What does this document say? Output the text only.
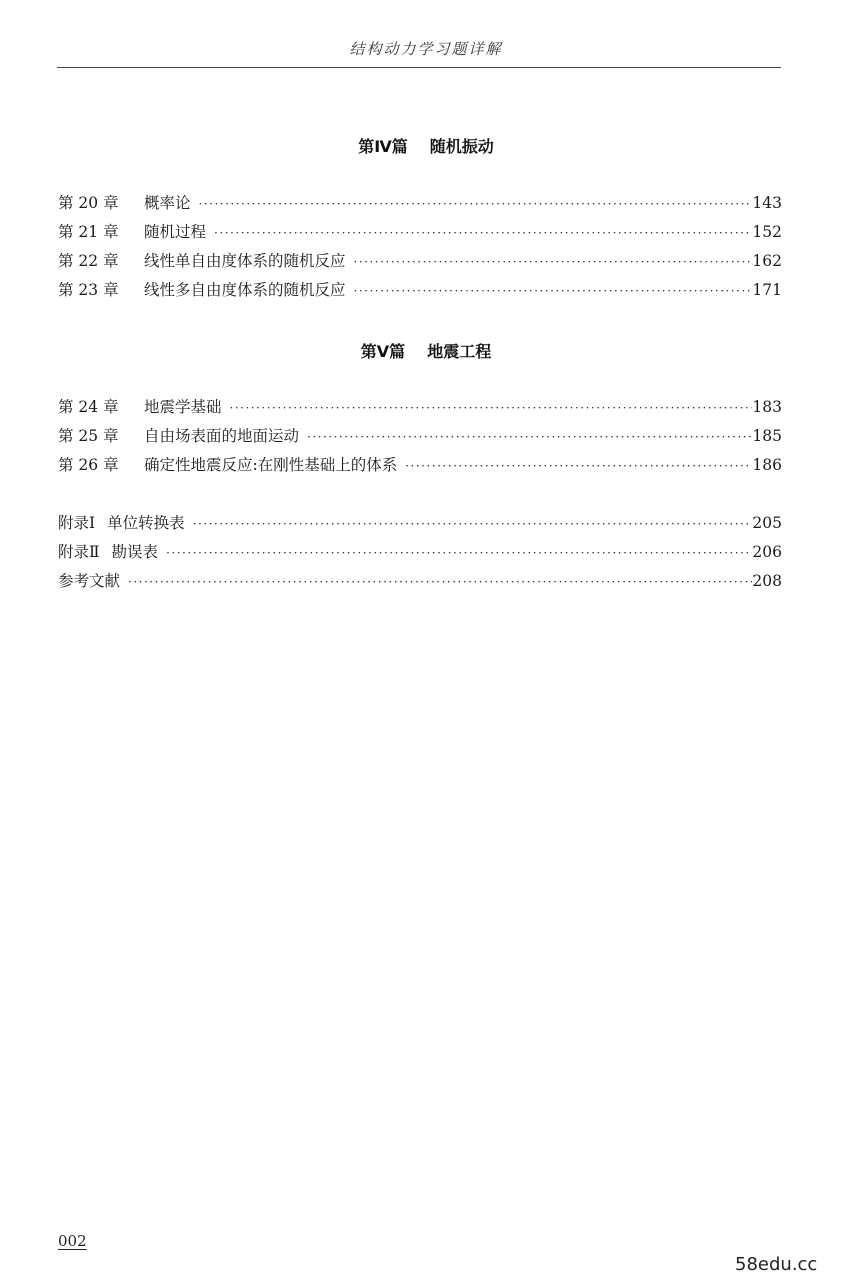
结构动力学习题详解
第Ⅳ篇 随机振动
第 20 章	概率论 ·····	143
第 21 章	随机过程 ·····	152
第 22 章	线性单自由度体系的随机反应 ·····	162
第 23 章	线性多自由度体系的随机反应 ·····	171
第Ⅴ篇 地震工程
第 24 章	地震学基础 ·····	183
第 25 章	自由场表面的地面运动 ·····	185
第 26 章	确定性地震反应:在刚性基础上的体系 ·····	186
附录Ⅰ 单位转换表 ·····	205
附录Ⅱ 勘误表 ·····	206
参考文献 ·····	208
002
58edu.cc
